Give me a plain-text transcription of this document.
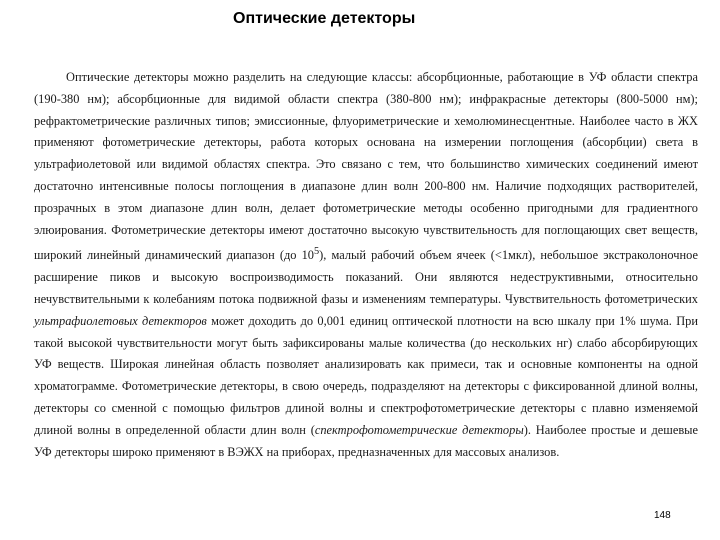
Оптические детекторы

Оптические детекторы можно разделить на следующие классы: абсорбционные, работающие в УФ области спектра (190-380 нм); абсорбционные для видимой области спектра (380-800 нм); инфракрасные детекторы (800-5000 нм); рефрактометрические различных типов; эмиссионные, флуориметрические и хемолюминесцентные. Наиболее часто в ЖХ применяют фотометрические детекторы, работа которых основана на измерении поглощения (абсорбции) света в ультрафиолетовой или видимой областях спектра. Это связано с тем, что большинство химических соединений имеют достаточно интенсивные полосы поглощения в диапазоне длин волн 200-800 нм. Наличие подходящих растворителей, прозрачных в этом диапазоне длин волн, делает фотометрические методы особенно пригодными для градиентного элюирования. Фотометрические детекторы имеют достаточно высокую чувствительность для поглощающих свет веществ, широкий линейный динамический диапазон (до $10^5$), малый рабочий объем ячеек (<1мкл), небольшое экстраколоночное расширение пиков и высокую воспроизводимость показаний. Они являются недеструктивными, относительно нечувствительными к колебаниям потока подвижной фазы и изменениям температуры. Чувствительность фотометрических ультрафиолетовых детекторов может доходить до 0,001 единиц оптической плотности на всю шкалу при 1% шума. При такой высокой чувствительности могут быть зафиксированы малые количества (до нескольких нг) слабо абсорбирующих УФ веществ. Широкая линейная область позволяет анализировать как примеси, так и основные компоненты на одной хроматограмме. Фотометрические детекторы, в свою очередь, подразделяют на детекторы с фиксированной длиной волны, детекторы со сменной с помощью фильтров длиной волны и спектрофотометрические детекторы с плавно изменяемой длиной волны в определенной области длин волн (спектрофотометрические детекторы). Наиболее простые и дешевые УФ детекторы широко применяют в ВЭЖХ на приборах, предназначенных для массовых анализов.

148
